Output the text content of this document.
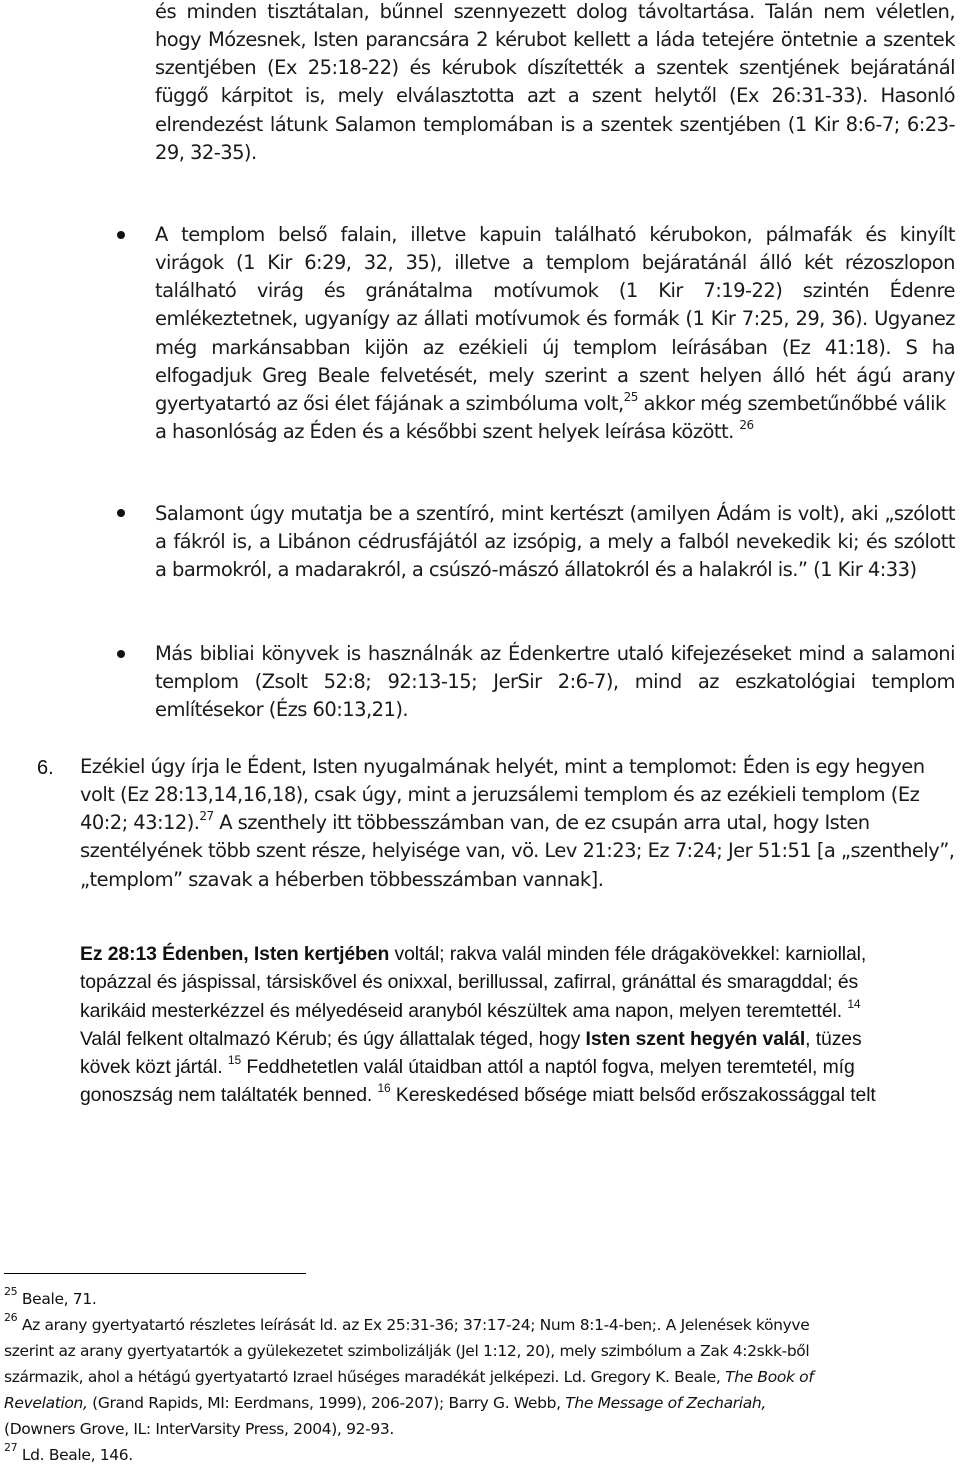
és minden tisztátalan, bűnnel szennyezett dolog távoltartása. Talán nem véletlen,
hogy Mózesnek, Isten parancsára 2 kérubot kellett a láda tetejére öntetnie a szentek
szentjében (Ex 25:18-22) és kérubok díszítették a szentek szentjének bejáratánál
függő kárpitot is, mely elválasztotta azt a szent helytől (Ex 26:31-33). Hasonló
elrendezést látunk Salamon templomában is a szentek szentjében (1 Kir 8:6-7; 6:23-
29, 32-35).
A templom belső falain, illetve kapuin található kérubokon, pálmafák és kinyílt
virágok (1 Kir 6:29, 32, 35), illetve a templom bejáratánál álló két rézoszlopon
található virág és gránátalma motívumok (1 Kir 7:19-22) szintén Édenre
emlékeztetnek, ugyanígy az állati motívumok és formák (1 Kir 7:25, 29, 36). Ugyanez
még markánsabban kijön az ezékieli új templom leírásában (Ez 41:18). S ha
elfogadjuk Greg Beale felvetését, mely szerint a szent helyen álló hét ágú arany
gyertyatartó az ősi élet fájának a szimbóluma volt,$^{25}$ akkor még szembetűnőbbé válik
a hasonlóság az Éden és a későbbi szent helyek leírása között. $^{26}$
Salamont úgy mutatja be a szentíró, mint kertészt (amilyen Ádám is volt), aki „szólott
a fákról is, a Libánon cédrusfájától az izsópig, a mely a falból nevekedik ki; és szólott
a barmokról, a madarakról, a csúszó-mászó állatokról és a halakról is.” (1 Kir 4:33)
Más bibliai könyvek is használnák az Édenkertre utaló kifejezéseket mind a salamoni
templom (Zsolt 52:8; 92:13-15; JerSir 2:6-7), mind az eszkatológiai templom
említésekor (Ézs 60:13,21).
6. Ezékiel úgy írja le Édent, Isten nyugalmának helyét, mint a templomot: Éden is egy hegyen
volt (Ez 28:13,14,16,18), csak úgy, mint a jeruzsálemi templom és az ezékieli templom (Ez
40:2; 43:12).$^{27}$ A szenthely itt többesszámban van, de ez csupán arra utal, hogy Isten
szentélyének több szent része, helyisége van, vö. Lev 21:23; Ez 7:24; Jer 51:51 [a „szenthely”,
„templom” szavak a héberben többesszámban vannak].
Ez 28:13 Édenben, Isten kertjében voltál; rakva valál minden féle drágakövekkel: karniollal,
topázzal és jáspissal, társiskővel és onixxal, berillussal, zafirral, gránáttal és smaragddal; és
karikáid mesterkézzel és mélyedéseid aranyból készültek ama napon, melyen teremtettél. $^{14}$
Valál felkent oltalmazó Kérub; és úgy állattalak téged, hogy Isten szent hegyén valál, tüzes
kövek közt jártál. $^{15}$ Feddhetetlen valál útaidban attól a naptól fogva, melyen teremtetél, míg
gonoszság nem találtaték benned. $^{16}$ Kereskedésed bősége miatt belsőd erőszakossággal telt
$^{25}$ Beale, 71.
$^{26}$ Az arany gyertyatartó részletes leírását ld. az Ex 25:31-36; 37:17-24; Num 8:1-4-ben;. A Jelenések könyve
szerint az arany gyertyatartók a gyülekezetet szimbolizálják (Jel 1:12, 20), mely szimbólum a Zak 4:2skk-ből
származik, ahol a hétágú gyertyatartó Izrael hűséges maradékát jelképezi. Ld. Gregory K. Beale, The Book of
Revelation, (Grand Rapids, MI: Eerdmans, 1999), 206-207); Barry G. Webb, The Message of Zechariah,
(Downers Grove, IL: InterVarsity Press, 2004), 92-93.
$^{27}$ Ld. Beale, 146.
